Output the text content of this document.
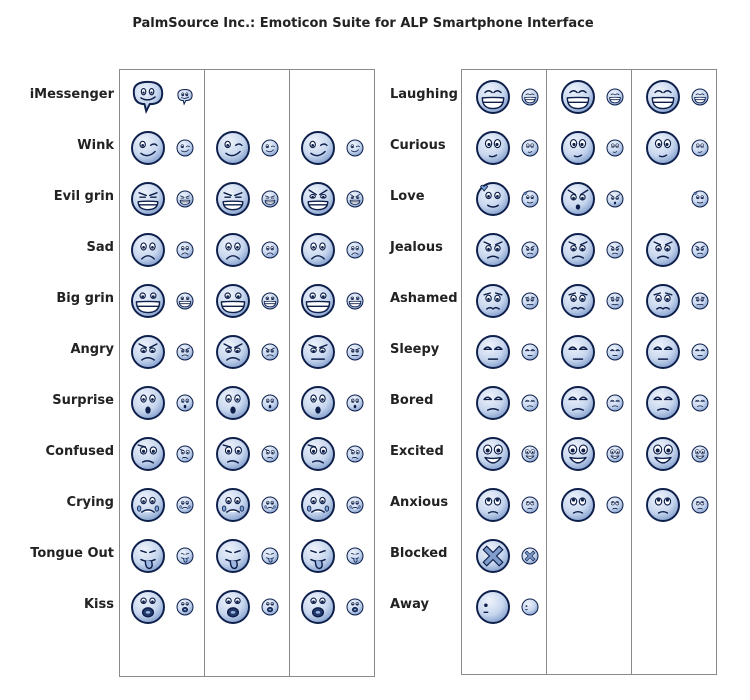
PalmSource Inc.: Emoticon Suite for ALP Smartphone Interface
iMessenger
Wink
Evil grin
Sad
Big grin
Angry
Surprise
Confused
Crying
Tongue Out
Kiss
Laughing
Curious
Love
Jealous
Ashamed
Sleepy
Bored
Excited
Anxious
Blocked
Away
